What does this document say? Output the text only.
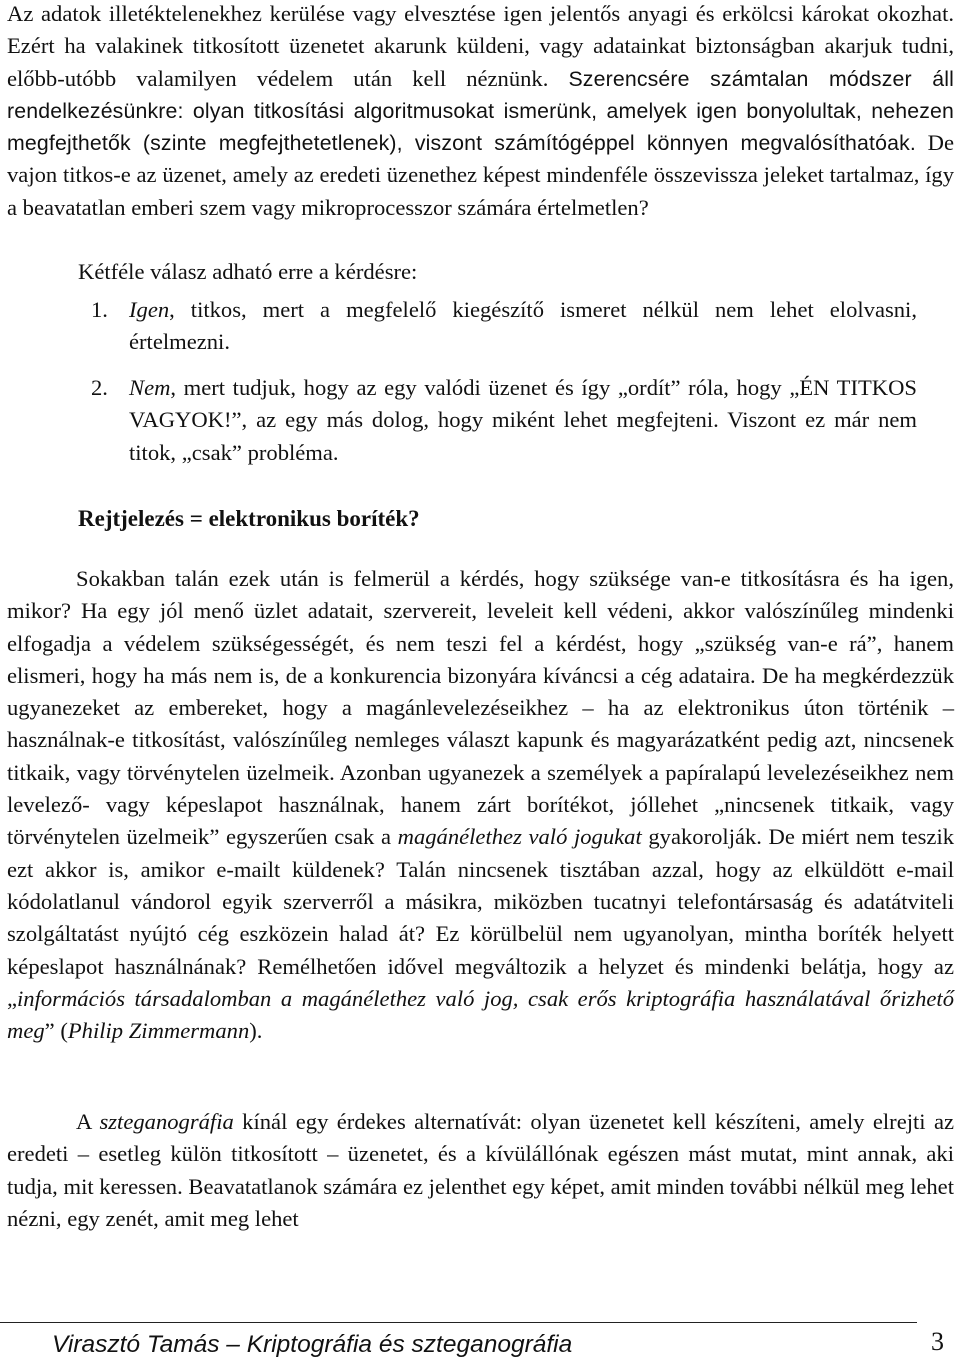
Az adatok illetéktelenekhez kerülése vagy elvesztése igen jelentős anyagi és erkölcsi károkat okozhat. Ezért ha valakinek titkosított üzenetet akarunk küldeni, vagy adatainkat biztonságban akarjuk tudni, előbb-utóbb valamilyen védelem után kell néznünk. Szerencsére számtalan módszer áll rendelkezésünkre: olyan titkosítási algoritmusokat ismerünk, amelyek igen bonyolultak, nehezen megfejthetők (szinte megfejthetetlenek), viszont számítógéppel könnyen megvalósíthatóak. De vajon titkos-e az üzenet, amely az eredeti üzenethez képest mindenféle összevissza jeleket tartalmaz, így a beavatatlan emberi szem vagy mikroprocesszor számára értelmetlen?

Kétféle válasz adható erre a kérdésre:

1. Igen, titkos, mert a megfelelő kiegészítő ismeret nélkül nem lehet elolvasni, értelmezni.

2. Nem, mert tudjuk, hogy az egy valódi üzenet és így „ordít” róla, hogy „ÉN TITKOS VAGYOK!”, az egy más dolog, hogy miként lehet megfejteni. Viszont ez már nem titok, „csak” probléma.

Rejtjelezés = elektronikus boríték?

Sokakban talán ezek után is felmerül a kérdés, hogy szüksége van-e titkosításra és ha igen, mikor? Ha egy jól menő üzlet adatait, szervereit, leveleit kell védeni, akkor valószínűleg mindenki elfogadja a védelem szükségességét, és nem teszi fel a kérdést, hogy „szükség van-e rá”, hanem elismeri, hogy ha más nem is, de a konkurencia bizonyára kíváncsi a cég adataira. De ha megkérdezzük ugyanezeket az embereket, hogy a magánlevelezéseikhez – ha az elektronikus úton történik – használnak-e titkosítást, valószínűleg nemleges választ kapunk és magyarázatként pedig azt, nincsenek titkaik, vagy törvénytelen üzelmeik. Azonban ugyanezek a személyek a papíralapú levelezéseikhez nem levelező- vagy képeslapot használnak, hanem zárt borítékot, jóllehet „nincsenek titkaik, vagy törvénytelen üzelmeik” egyszerűen csak a magánélethez való jogukat gyakorolják. De miért nem teszik ezt akkor is, amikor e-mailt küldenek? Talán nincsenek tisztában azzal, hogy az elküldött e-mail kódolatlanul vándorol egyik szerverről a másikra, miközben tucatnyi telefontársaság és adatátviteli szolgáltatást nyújtó cég eszközein halad át? Ez körülbelül nem ugyanolyan, mintha boríték helyett képeslapot használnának? Remélhetően idővel megváltozik a helyzet és mindenki belátja, hogy az „információs társadalomban a magánélethez való jog, csak erős kriptográfia használatával őrizhető meg” (Philip Zimmermann).

A szteganográfia kínál egy érdekes alternatívát: olyan üzenetet kell készíteni, amely elrejti az eredeti – esetleg külön titkosított – üzenetet, és a kívülállónak egészen mást mutat, mint annak, aki tudja, mit keressen. Beavatatlanok számára ez jelenthet egy képet, amit minden további nélkül meg lehet nézni, egy zenét, amit meg lehet

Virasztó Tamás – Kriptográfia és szteganográfia	3
